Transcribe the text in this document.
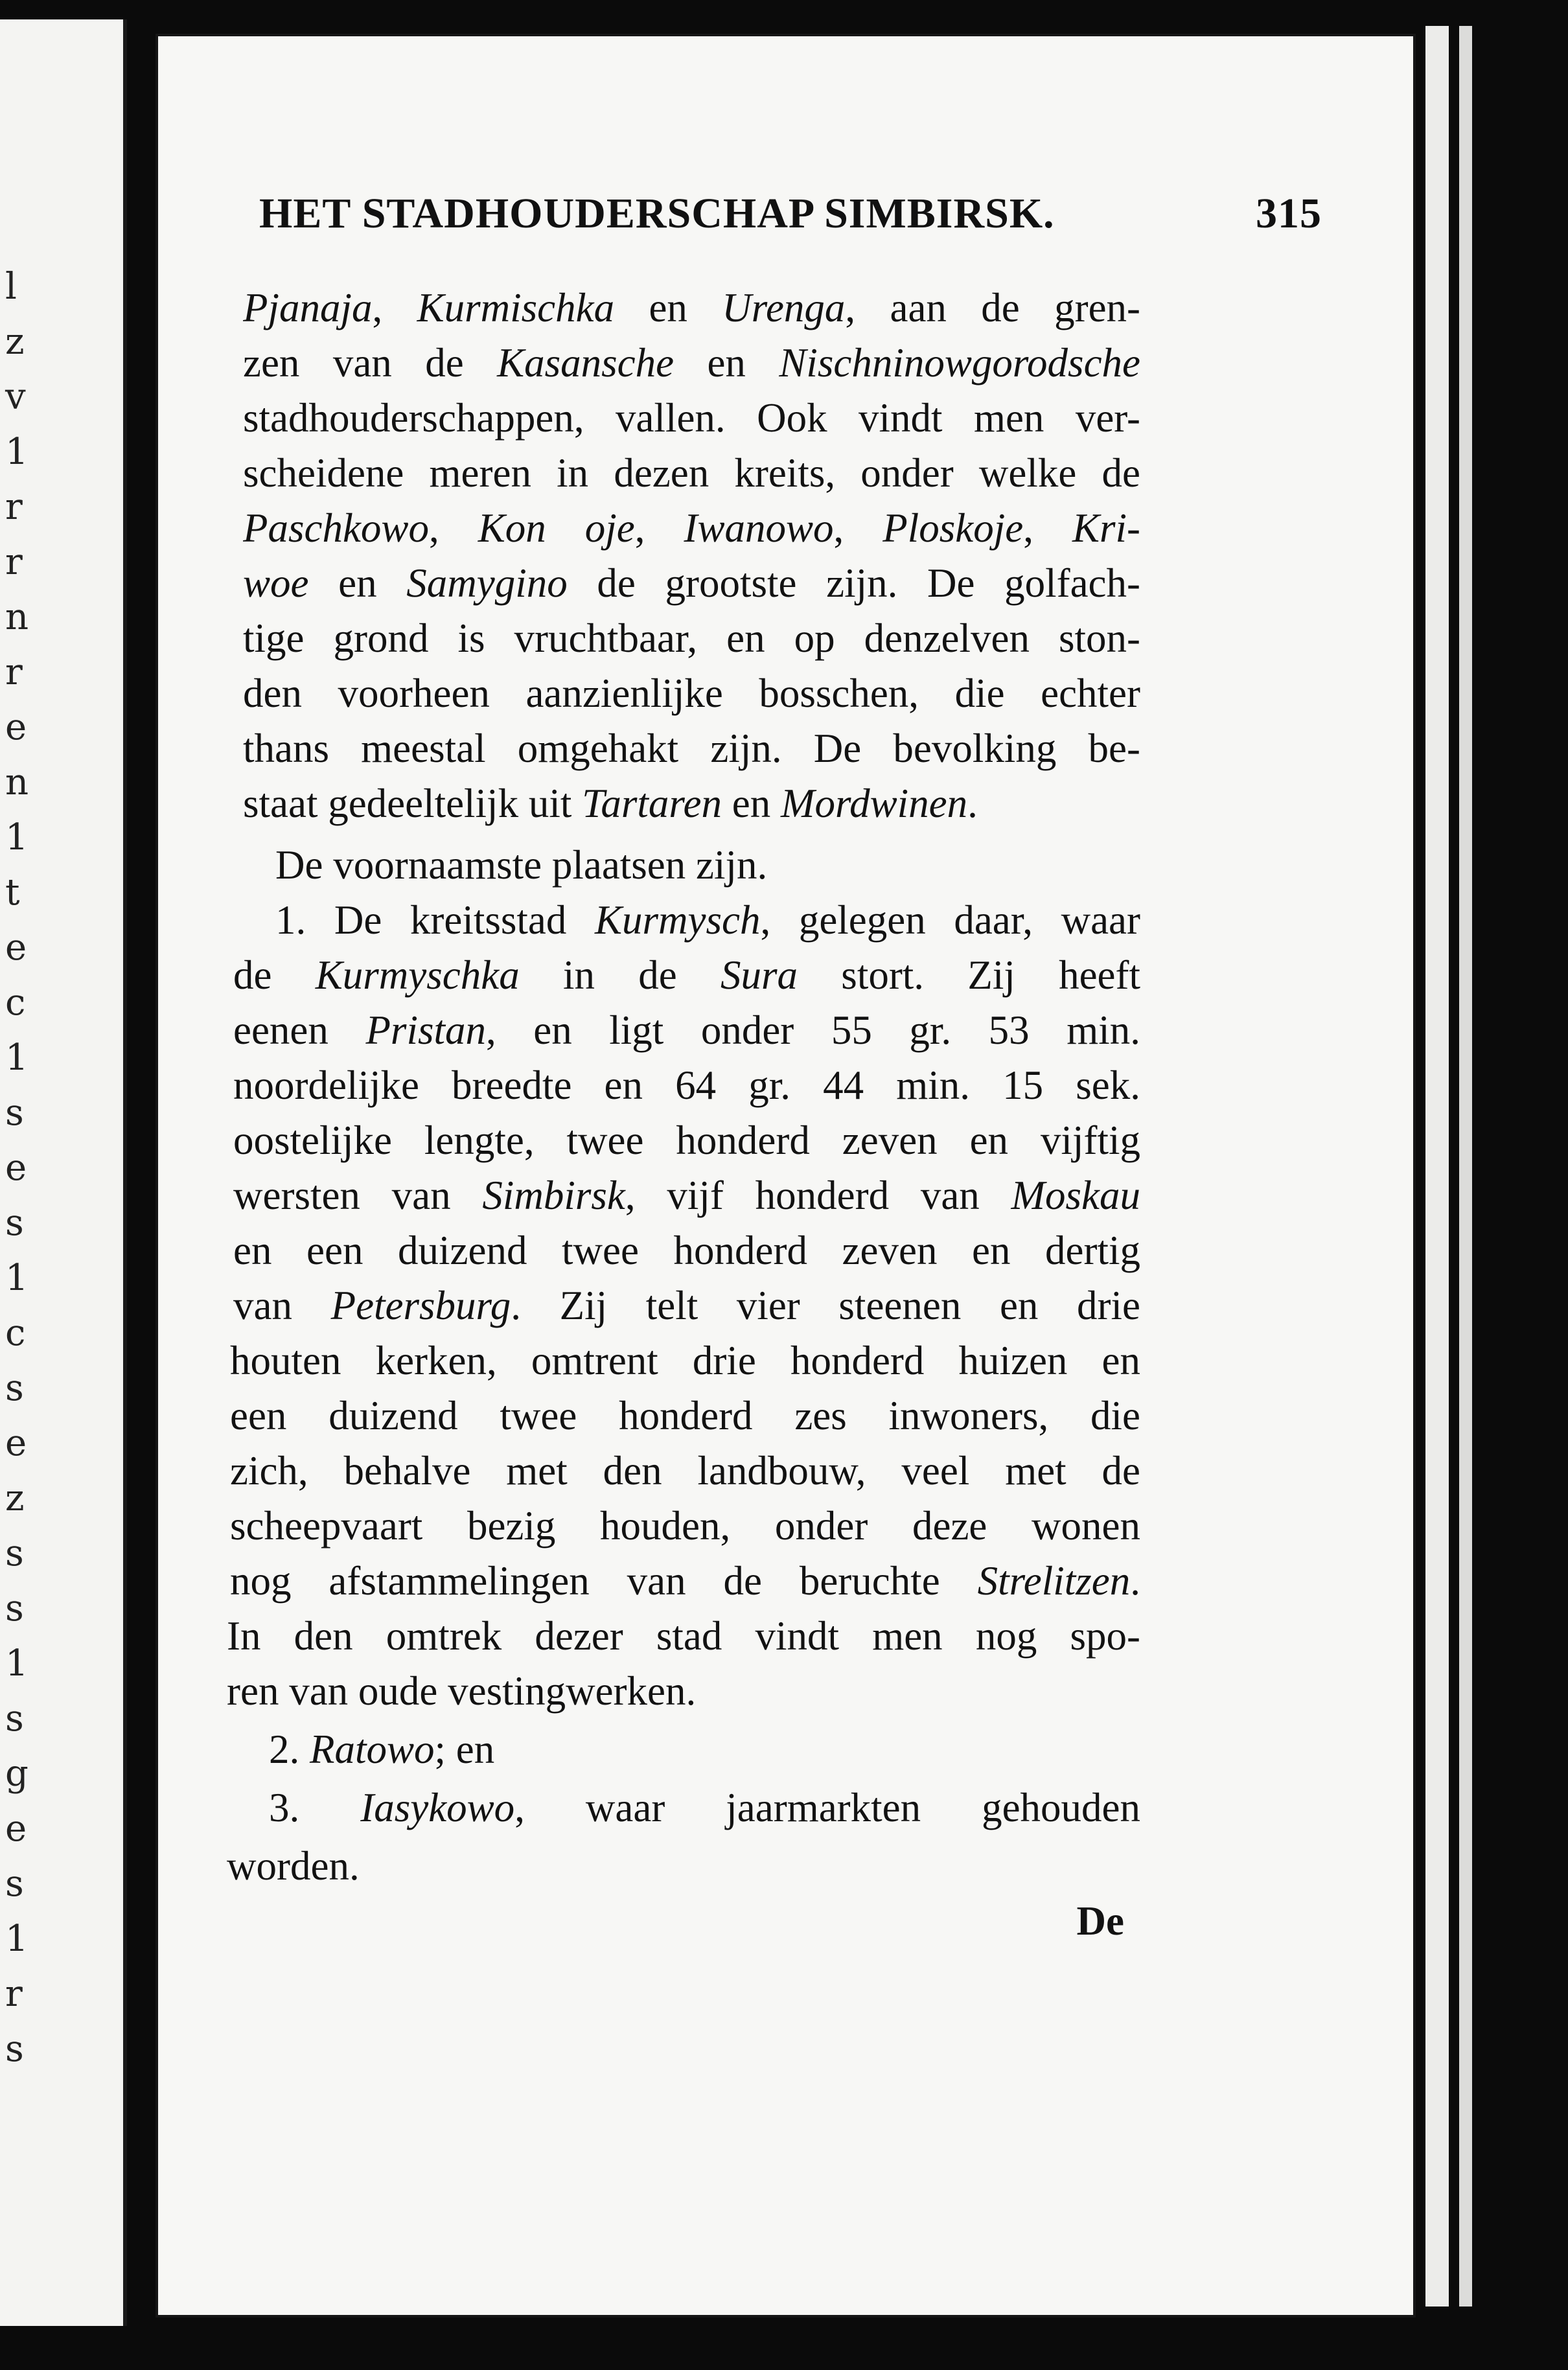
l
z
v
1
r
r
n
r
e
n
1
t
e
c
1
s
e
s
1
c
s
e
z
s
s
1
s
g
e
s
1
r
s
HET STADHOUDERSCHAP SIMBIRSK.	315
Pjanaja, Kurmischka en Urenga, aan de gren-
zen van de Kasansche en Nischninowgorodsche
stadhouderschappen, vallen. Ook vindt men ver-
scheidene meren in dezen kreits, onder welke de
Paschkowo, Kon oje, Iwanowo, Ploskoje, Kri-
woe en Samygino de grootste zijn. De golfach-
tige grond is vruchtbaar, en op denzelven ston-
den voorheen aanzienlijke bosschen, die echter
thans meestal omgehakt zijn. De bevolking be-
staat gedeeltelijk uit Tartaren en Mordwinen.
De voornaamste plaatsen zijn.
1. De kreitsstad Kurmysch, gelegen daar, waar
de Kurmyschka in de Sura stort. Zij heeft
eenen Pristan, en ligt onder 55 gr. 53 min.
noordelijke breedte en 64 gr. 44 min. 15 sek.
oostelijke lengte, twee honderd zeven en vijftig
wersten van Simbirsk, vijf honderd van Moskau
en een duizend twee honderd zeven en dertig
van Petersburg. Zij telt vier steenen en drie
houten kerken, omtrent drie honderd huizen en
een duizend twee honderd zes inwoners, die
zich, behalve met den landbouw, veel met de
scheepvaart bezig houden, onder deze wonen
nog afstammelingen van de beruchte Strelitzen.
In den omtrek dezer stad vindt men nog spo-
ren van oude vestingwerken.
2. Ratowo; en
3. Iasykowo, waar jaarmarkten gehouden
worden.
De
